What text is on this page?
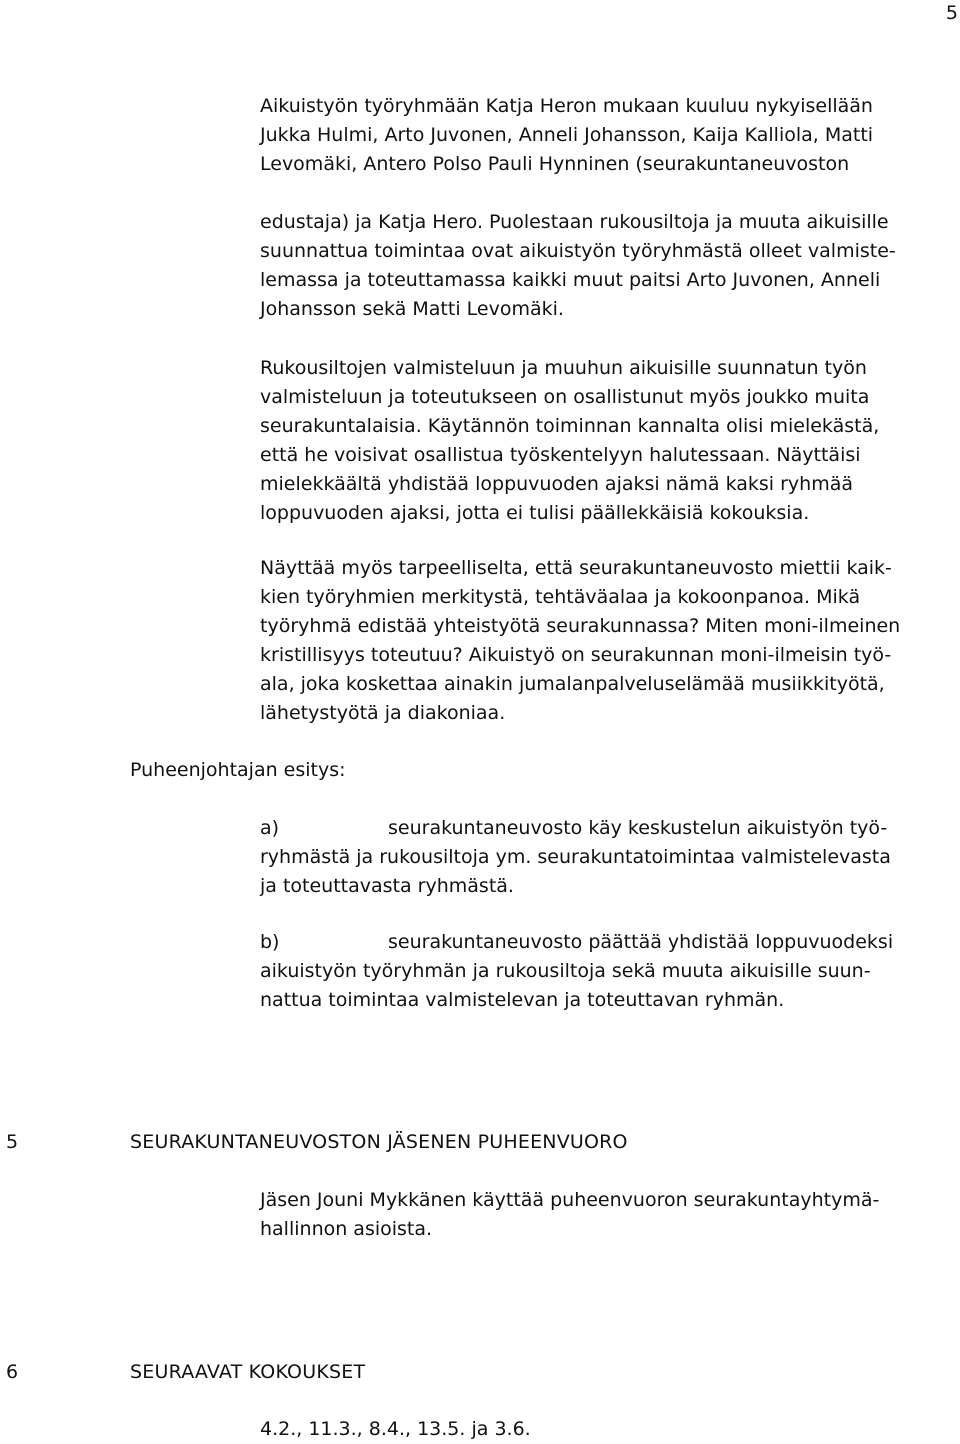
5
Aikuistyön työryhmään Katja Heron mukaan kuuluu nykyisellään
Jukka Hulmi, Arto Juvonen, Anneli Johansson, Kaija Kalliola, Matti
Levomäki, Antero Polso Pauli Hynninen (seurakuntaneuvoston
edustaja) ja Katja Hero. Puolestaan rukousiltoja ja muuta aikuisille
suunnattua toimintaa ovat aikuistyön työryhmästä olleet valmiste-
lemassa ja toteuttamassa kaikki muut paitsi Arto Juvonen, Anneli
Johansson sekä Matti Levomäki.
Rukousiltojen valmisteluun ja muuhun aikuisille suunnatun työn
valmisteluun ja toteutukseen on osallistunut myös joukko muita
seurakuntalaisia. Käytännön toiminnan kannalta olisi mielekästä,
että he voisivat osallistua työskentelyyn halutessaan. Näyttäisi
mielekkäältä yhdistää loppuvuoden ajaksi nämä kaksi ryhmää
loppuvuoden ajaksi, jotta ei tulisi päällekkäisiä kokouksia.
Näyttää myös tarpeelliselta, että seurakuntaneuvosto miettii kaik-
kien työryhmien merkitystä, tehtäväalaa ja kokoonpanoa. Mikä
työryhmä edistää yhteistyötä seurakunnassa? Miten moni-ilmeinen
kristillisyys toteutuu? Aikuistyö on seurakunnan moni-ilmeisin työ-
ala, joka koskettaa ainakin jumalanpalveluselämää musiikkityötä,
lähetystyötä ja diakoniaa.
Puheenjohtajan esitys:
a)	seurakuntaneuvosto käy keskustelun aikuistyön työ-
ryhmästä ja rukousiltoja ym. seurakuntatoimintaa valmistelevasta
ja toteuttavasta ryhmästä.
b)	seurakuntaneuvosto päättää yhdistää loppuvuodeksi
aikuistyön työryhmän ja rukousiltoja sekä muuta aikuisille suun-
nattua toimintaa valmistelevan ja toteuttavan ryhmän.
5	SEURAKUNTANEUVOSTON JÄSENEN PUHEENVUORO
Jäsen Jouni Mykkänen käyttää puheenvuoron seurakuntayhtymä-
hallinnon asioista.
6	SEURAAVAT KOKOUKSET
4.2., 11.3., 8.4., 13.5. ja 3.6.
